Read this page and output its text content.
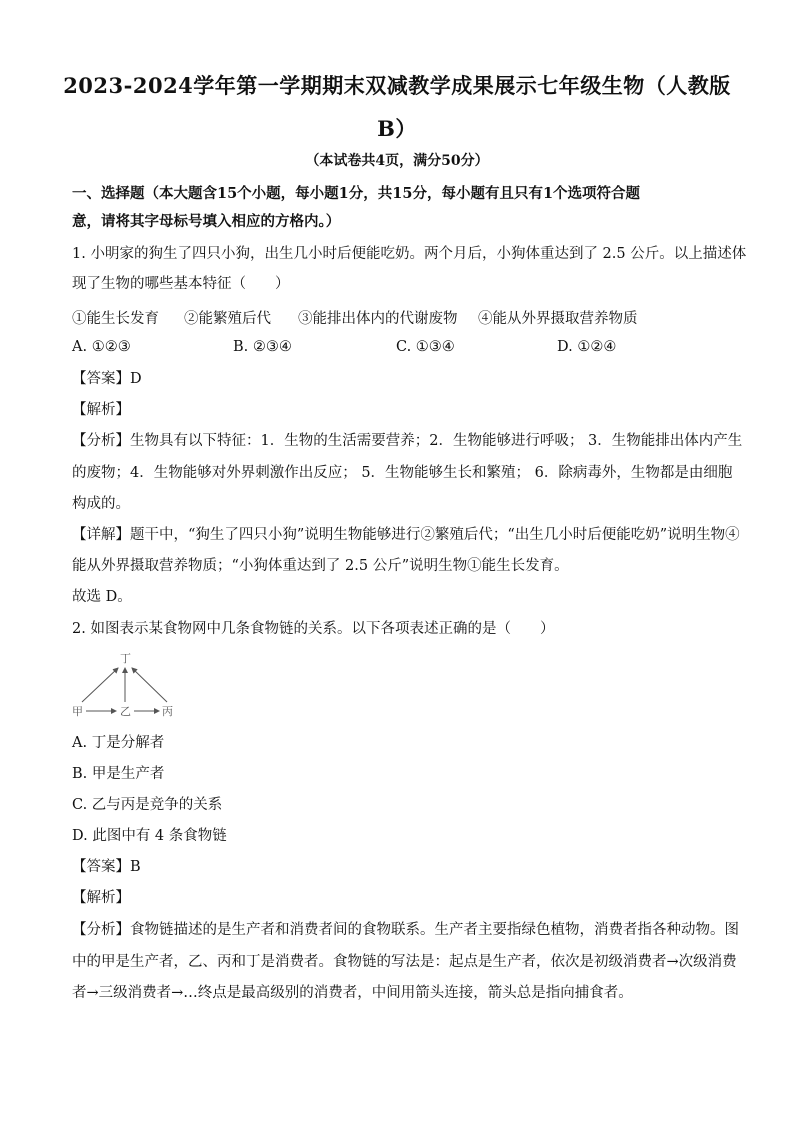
2023-2024学年第一学期期末双减教学成果展示七年级生物（人教版
B）
（本试卷共4页，满分50分）
一、选择题（本大题含15个小题，每小题1分，共15分，每小题有且只有1个选项符合题
意，请将其字母标号填入相应的方格内。）
1. 小明家的狗生了四只小狗，出生几小时后便能吃奶。两个月后，小狗体重达到了 2.5 公斤。以上描述体
现了生物的哪些基本特征（　　）
①能生长发育 ②能繁殖后代 ③能排出体内的代谢废物 ④能从外界摄取营养物质
A. ①②③	B. ②③④	C. ①③④	D. ①②④
【答案】D
【解析】
【分析】生物具有以下特征：1．生物的生活需要营养；2．生物能够进行呼吸； 3．生物能排出体内产生
的废物；4．生物能够对外界刺激作出反应； 5．生物能够生长和繁殖； 6．除病毒外，生物都是由细胞
构成的。
【详解】题干中，“狗生了四只小狗”说明生物能够进行②繁殖后代；“出生几小时后便能吃奶”说明生物④
能从外界摄取营养物质；“小狗体重达到了 2.5 公斤”说明生物①能生长发育。
故选 D。
2. 如图表示某食物网中几条食物链的关系。以下各项表述正确的是（　　）
丁
甲	乙	丙
A. 丁是分解者
B. 甲是生产者
C. 乙与丙是竞争的关系
D. 此图中有 4 条食物链
【答案】B
【解析】
【分析】食物链描述的是生产者和消费者间的食物联系。生产者主要指绿色植物，消费者指各种动物。图
中的甲是生产者，乙、丙和丁是消费者。食物链的写法是：起点是生产者，依次是初级消费者→次级消费
者→三级消费者→…终点是最高级别的消费者，中间用箭头连接，箭头总是指向捕食者。
